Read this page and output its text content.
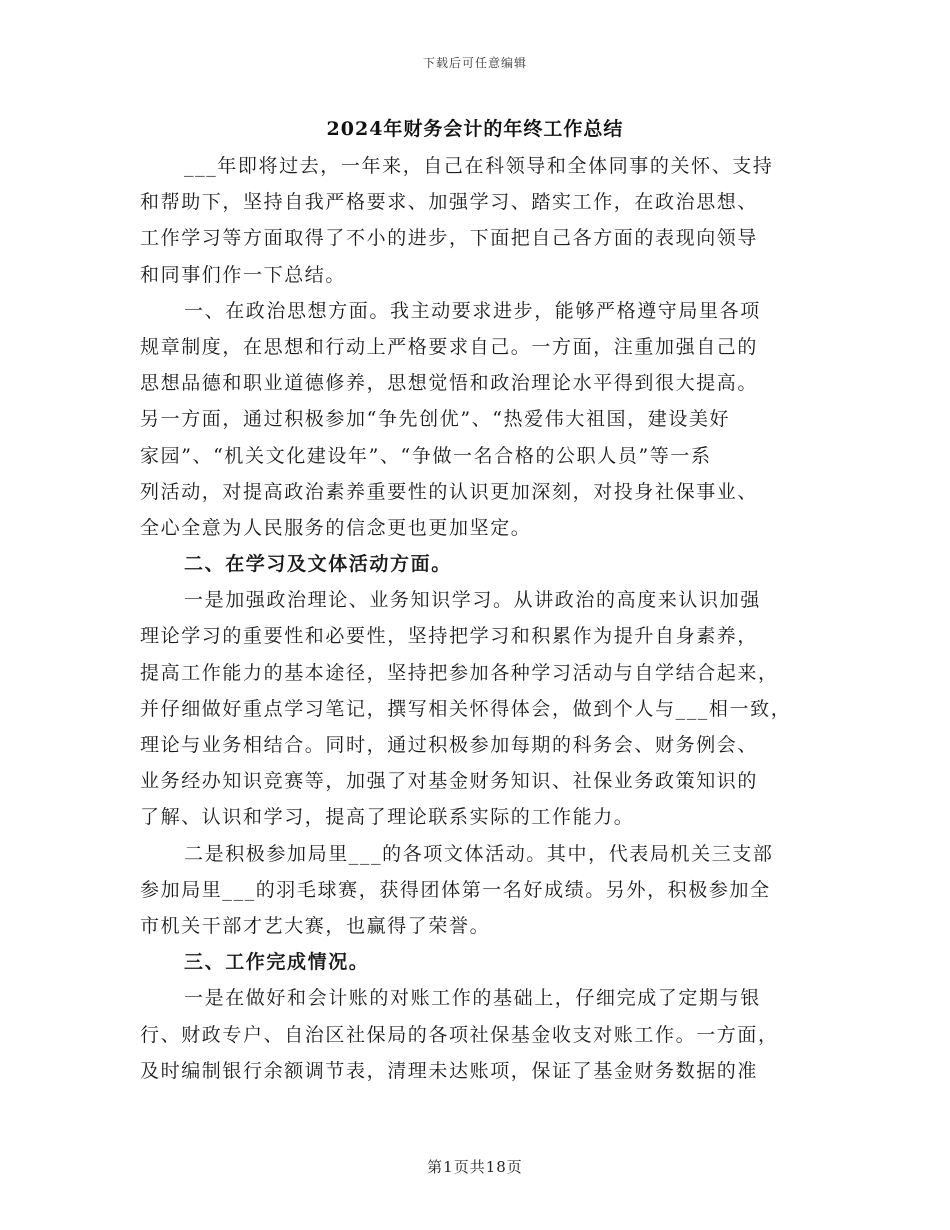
下载后可任意编辑
2024年财务会计的年终工作总结
___年即将过去，一年来，自己在科领导和全体同事的关怀、支持
和帮助下，坚持自我严格要求、加强学习、踏实工作，在政治思想、
工作学习等方面取得了不小的进步，下面把自己各方面的表现向领导
和同事们作一下总结。
一、在政治思想方面。我主动要求进步，能够严格遵守局里各项
规章制度，在思想和行动上严格要求自己。一方面，注重加强自己的
思想品德和职业道德修养，思想觉悟和政治理论水平得到很大提高。
另一方面，通过积极参加“争先创优”、“热爱伟大祖国，建设美好
家园”、“机关文化建设年”、“争做一名合格的公职人员”等一系
列活动，对提高政治素养重要性的认识更加深刻，对投身社保事业、
全心全意为人民服务的信念更也更加坚定。
二、在学习及文体活动方面。
一是加强政治理论、业务知识学习。从讲政治的高度来认识加强
理论学习的重要性和必要性，坚持把学习和积累作为提升自身素养，
提高工作能力的基本途径，坚持把参加各种学习活动与自学结合起来，
并仔细做好重点学习笔记，撰写相关怀得体会，做到个人与___相一致，
理论与业务相结合。同时，通过积极参加每期的科务会、财务例会、
业务经办知识竞赛等，加强了对基金财务知识、社保业务政策知识的
了解、认识和学习，提高了理论联系实际的工作能力。
二是积极参加局里___的各项文体活动。其中，代表局机关三支部
参加局里___的羽毛球赛，获得团体第一名好成绩。另外，积极参加全
市机关干部才艺大赛，也赢得了荣誉。
三、工作完成情况。
一是在做好和会计账的对账工作的基础上，仔细完成了定期与银
行、财政专户、自治区社保局的各项社保基金收支对账工作。一方面，
及时编制银行余额调节表，清理未达账项，保证了基金财务数据的准
第1页共18页
